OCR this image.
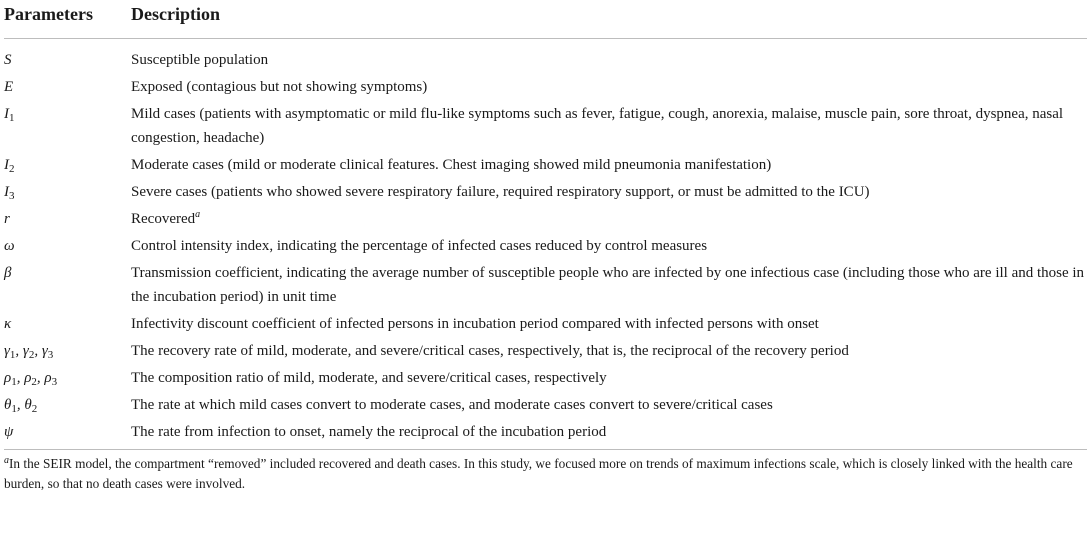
Parameters	Description
S	Susceptible population
E	Exposed (contagious but not showing symptoms)
$I_1$	Mild cases (patients with asymptomatic or mild flu-like symptoms such as fever, fatigue, cough, anorexia, malaise, muscle pain, sore throat, dyspnea, nasal congestion, headache)
$I_2$	Moderate cases (mild or moderate clinical features. Chest imaging showed mild pneumonia manifestation)
$I_3$	Severe cases (patients who showed severe respiratory failure, required respiratory support, or must be admitted to the ICU)
r	Recovered$^a$
ω	Control intensity index, indicating the percentage of infected cases reduced by control measures
β	Transmission coefficient, indicating the average number of susceptible people who are infected by one infectious case (including those who are ill and those in the incubation period) in unit time
κ	Infectivity discount coefficient of infected persons in incubation period compared with infected persons with onset
$\gamma_1$, $\gamma_2$, $\gamma_3$	The recovery rate of mild, moderate, and severe/critical cases, respectively, that is, the reciprocal of the recovery period
$\rho_1$, $\rho_2$, $\rho_3$	The composition ratio of mild, moderate, and severe/critical cases, respectively
$\theta_1$, $\theta_2$	The rate at which mild cases convert to moderate cases, and moderate cases convert to severe/critical cases
ψ	The rate from infection to onset, namely the reciprocal of the incubation period
$^a$In the SEIR model, the compartment “removed” included recovered and death cases. In this study, we focused more on trends of maximum infections scale, which is closely linked with the health care burden, so that no death cases were involved.
